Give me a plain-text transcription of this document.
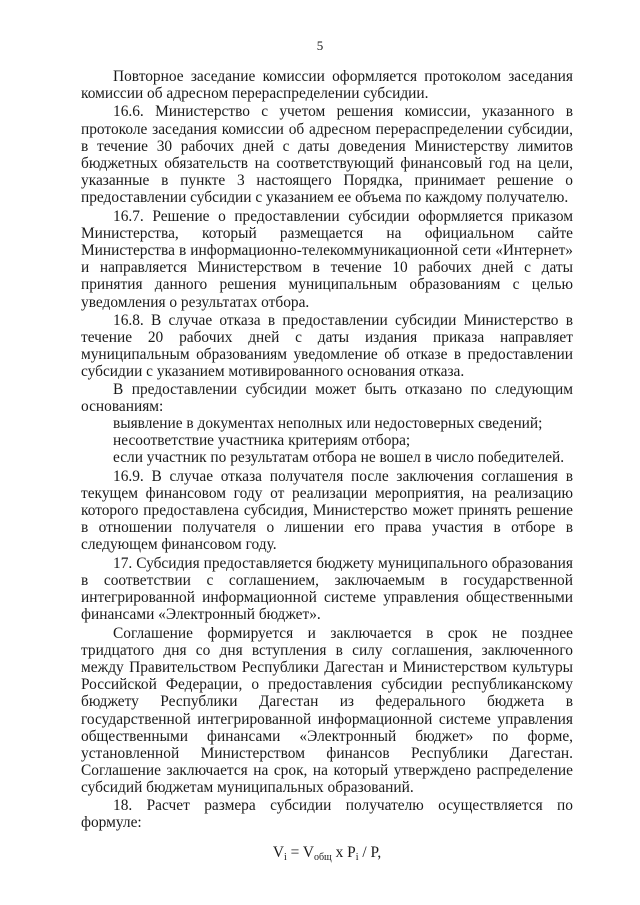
5

Повторное заседание комиссии оформляется протоколом заседания комиссии об адресном перераспределении субсидии.

16.6. Министерство с учетом решения комиссии, указанного в протоколе заседания комиссии об адресном перераспределении субсидии, в течение 30 рабочих дней с даты доведения Министерству лимитов бюджетных обязательств на соответствующий финансовый год на цели, указанные в пункте 3 настоящего Порядка, принимает решение о предоставлении субсидии с указанием ее объема по каждому получателю.

16.7. Решение о предоставлении субсидии оформляется приказом Министерства, который размещается на официальном сайте Министерства в информационно-телекоммуникационной сети «Интернет» и направляется Министерством в течение 10 рабочих дней с даты принятия данного решения муниципальным образованиям с целью уведомления о результатах отбора.

16.8. В случае отказа в предоставлении субсидии Министерство в течение 20 рабочих дней с даты издания приказа направляет муниципальным образованиям уведомление об отказе в предоставлении субсидии с указанием мотивированного основания отказа.

В предоставлении субсидии может быть отказано по следующим основаниям:

выявление в документах неполных или недостоверных сведений;

несоответствие участника критериям отбора;

если участник по результатам отбора не вошел в число победителей.

16.9. В случае отказа получателя после заключения соглашения в текущем финансовом году от реализации мероприятия, на реализацию которого предоставлена субсидия, Министерство может принять решение в отношении получателя о лишении его права участия в отборе в следующем финансовом году.

17. Субсидия предоставляется бюджету муниципального образования в соответствии с соглашением, заключаемым в государственной интегрированной информационной системе управления общественными финансами «Электронный бюджет».

Соглашение формируется и заключается в срок не позднее тридцатого дня со дня вступления в силу соглашения, заключенного между Правительством Республики Дагестан и Министерством культуры Российской Федерации, о предоставления субсидии республиканскому бюджету Республики Дагестан из федерального бюджета в государственной интегрированной информационной системе управления общественными финансами «Электронный бюджет» по форме, установленной Министерством финансов Республики Дагестан. Соглашение заключается на срок, на который утверждено распределение субсидий бюджетам муниципальных образований.

18. Расчет размера субсидии получателю осуществляется по формуле:

$V_i = V_{общ}$ x $P_i$ / P,
